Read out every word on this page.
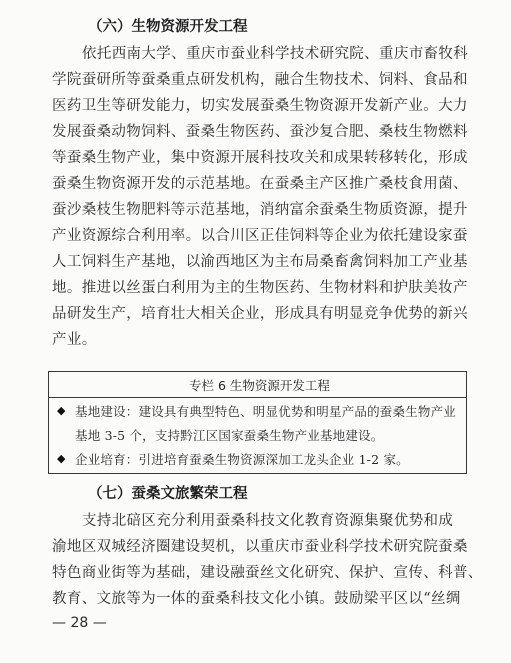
（六）生物资源开发工程
依托西南大学、重庆市蚕业科学技术研究院、重庆市畜牧科
学院蚕研所等蚕桑重点研发机构，融合生物技术、饲料、食品和
医药卫生等研发能力，切实发展蚕桑生物资源开发新产业。大力
发展蚕桑动物饲料、蚕桑生物医药、蚕沙复合肥、桑枝生物燃料
等蚕桑生物产业，集中资源开展科技攻关和成果转移转化，形成
蚕桑生物资源开发的示范基地。在蚕桑主产区推广桑枝食用菌、
蚕沙桑枝生物肥料等示范基地，消纳富余蚕桑生物质资源，提升
产业资源综合利用率。以合川区正佳饲料等企业为依托建设家蚕
人工饲料生产基地，以渝西地区为主布局桑畜禽饲料加工产业基
地。推进以丝蛋白利用为主的生物医药、生物材料和护肤美妆产
品研发生产，培育壮大相关企业，形成具有明显竞争优势的新兴
产业。
专栏 6 生物资源开发工程
◆ 基地建设：建设具有典型特色、明显优势和明星产品的蚕桑生物产业
基地 3-5 个，支持黔江区国家蚕桑生物产业基地建设。
◆ 企业培育：引进培育蚕桑生物资源深加工龙头企业 1-2 家。
（七）蚕桑文旅繁荣工程
支持北碚区充分利用蚕桑科技文化教育资源集聚优势和成
渝地区双城经济圈建设契机，以重庆市蚕业科学技术研究院蚕桑
特色商业街等为基础，建设融蚕丝文化研究、保护、宣传、科普、
教育、文旅等为一体的蚕桑科技文化小镇。鼓励梁平区以“丝绸
— 28 —
